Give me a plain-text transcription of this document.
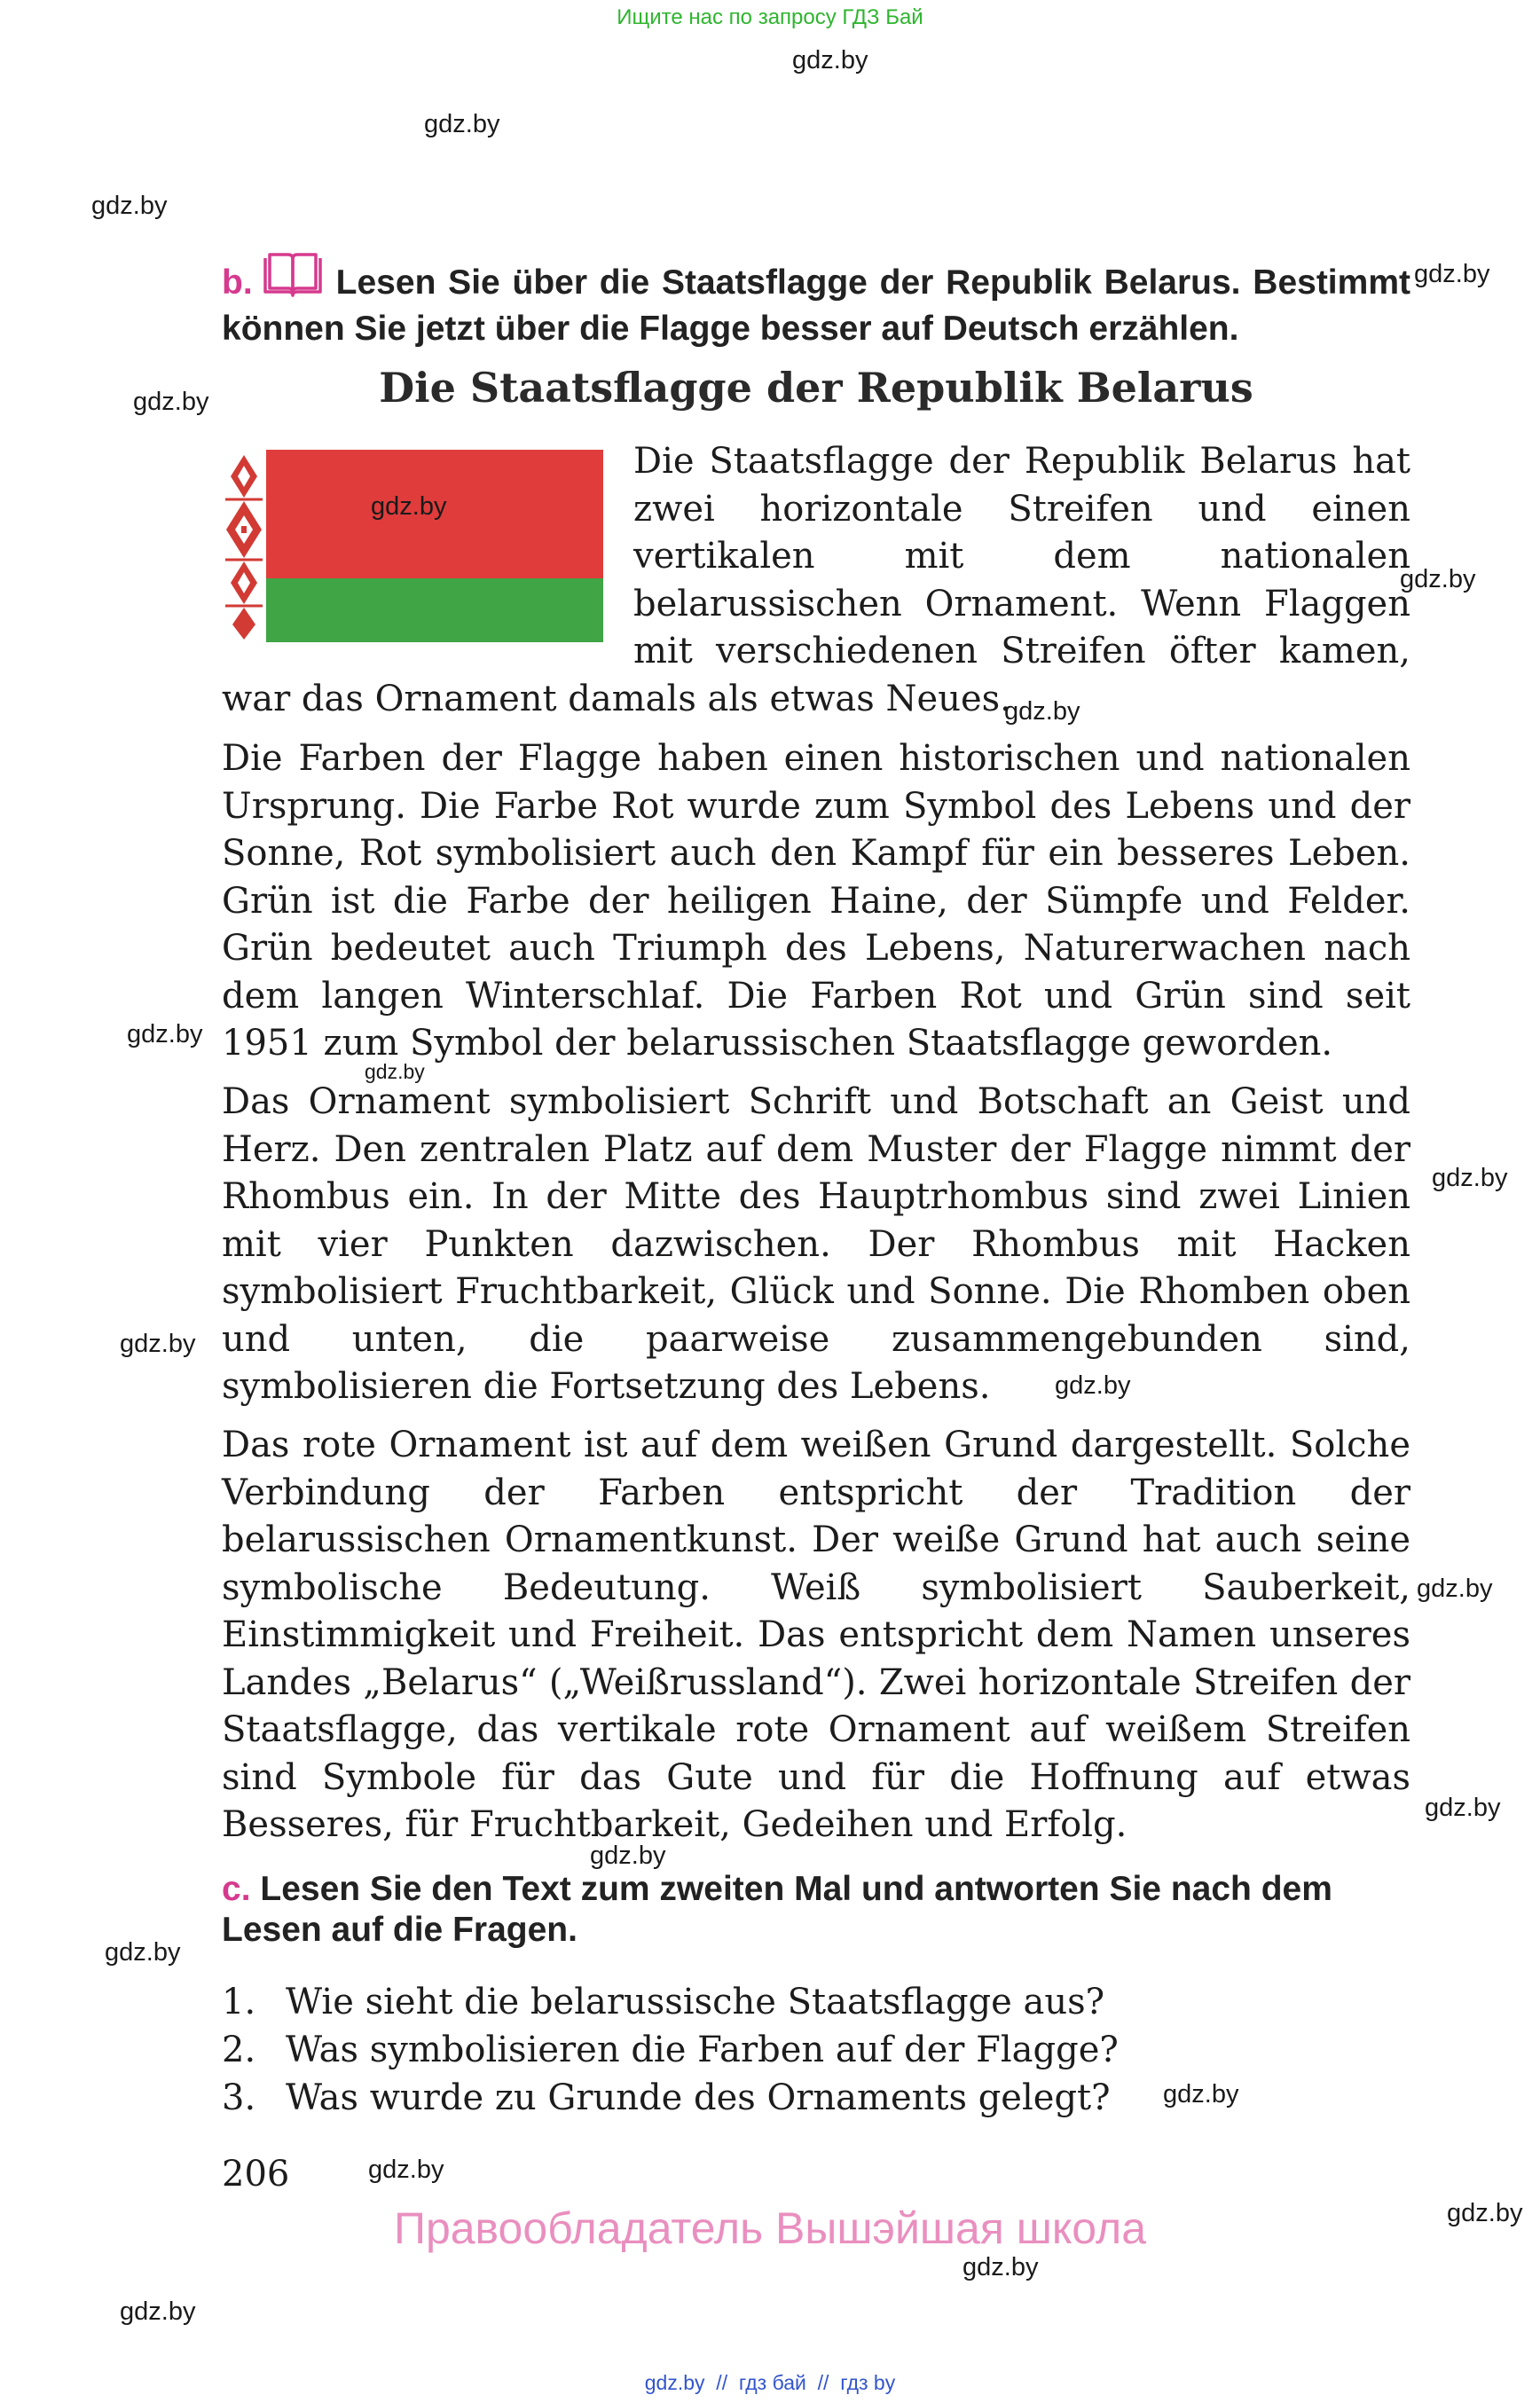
Ищите нас по запросу ГДЗ Бай
gdz.by
gdz.by
gdz.by
gdz.by
gdz.by
gdz.by
gdz.by
gdz.by
gdz.by
gdz.by
gdz.by
gdz.by
gdz.by
gdz.by
gdz.by
gdz.by
gdz.by
gdz.by
gdz.by
gdz.by
gdz.by
b. Lesen Sie über die Staatsflagge der Republik Belarus. Bestimmt können Sie jetzt über die Flagge besser auf Deutsch erzählen.
Die Staatsflagge der Republik Belarus
gdz.by
Die Staatsflagge der Republik Belarus hat zwei horizontale Streifen und einen vertikalen mit dem nationalen belarussischen Ornament. Wenn Flaggen mit verschiedenen Streifen öfter kamen, war das Ornament damals als etwas Neues.
Die Farben der Flagge haben einen historischen und nationalen Ursprung. Die Farbe Rot wurde zum Symbol des Lebens und der Sonne, Rot symbolisiert auch den Kampf für ein besseres Leben. Grün ist die Farbe der heiligen Haine, der Sümpfe und Felder. Grün bedeutet auch Triumph des Lebens, Naturerwachen nach dem langen Winterschlaf. Die Farben Rot und Grün sind seit 1951 zum Symbol der belarussischen Staatsflagge geworden.
Das Ornament symbolisiert Schrift und Botschaft an Geist und Herz. Den zentralen Platz auf dem Muster der Flagge nimmt der Rhombus ein. In der Mitte des Hauptrhombus sind zwei Linien mit vier Punkten dazwischen. Der Rhombus mit Hacken symbolisiert Fruchtbarkeit, Glück und Sonne. Die Rhomben oben und unten, die paarweise zusammengebunden sind, symbolisieren die Fortsetzung des Lebens.
Das rote Ornament ist auf dem weißen Grund dargestellt. Solche Verbindung der Farben entspricht der Tradition der belarussischen Ornamentkunst. Der weiße Grund hat auch seine symbolische Bedeutung. Weiß symbolisiert Sauberkeit, Einstimmigkeit und Freiheit. Das entspricht dem Namen unseres Landes „Belarus“ („Weißrussland“). Zwei horizontale Streifen der Staatsflagge, das vertikale rote Ornament auf weißem Streifen sind Symbole für das Gute und für die Hoffnung auf etwas Besseres, für Fruchtbarkeit, Gedeihen und Erfolg.
c. Lesen Sie den Text zum zweiten Mal und antworten Sie nach dem Lesen auf die Fragen.
1. Wie sieht die belarussische Staatsflagge aus?
2. Was symbolisieren die Farben auf der Flagge?
3. Was wurde zu Grunde des Ornaments gelegt?
206
Правообладатель Вышэйшая школа
gdz.by  //  гдз бай  //  гдз by
